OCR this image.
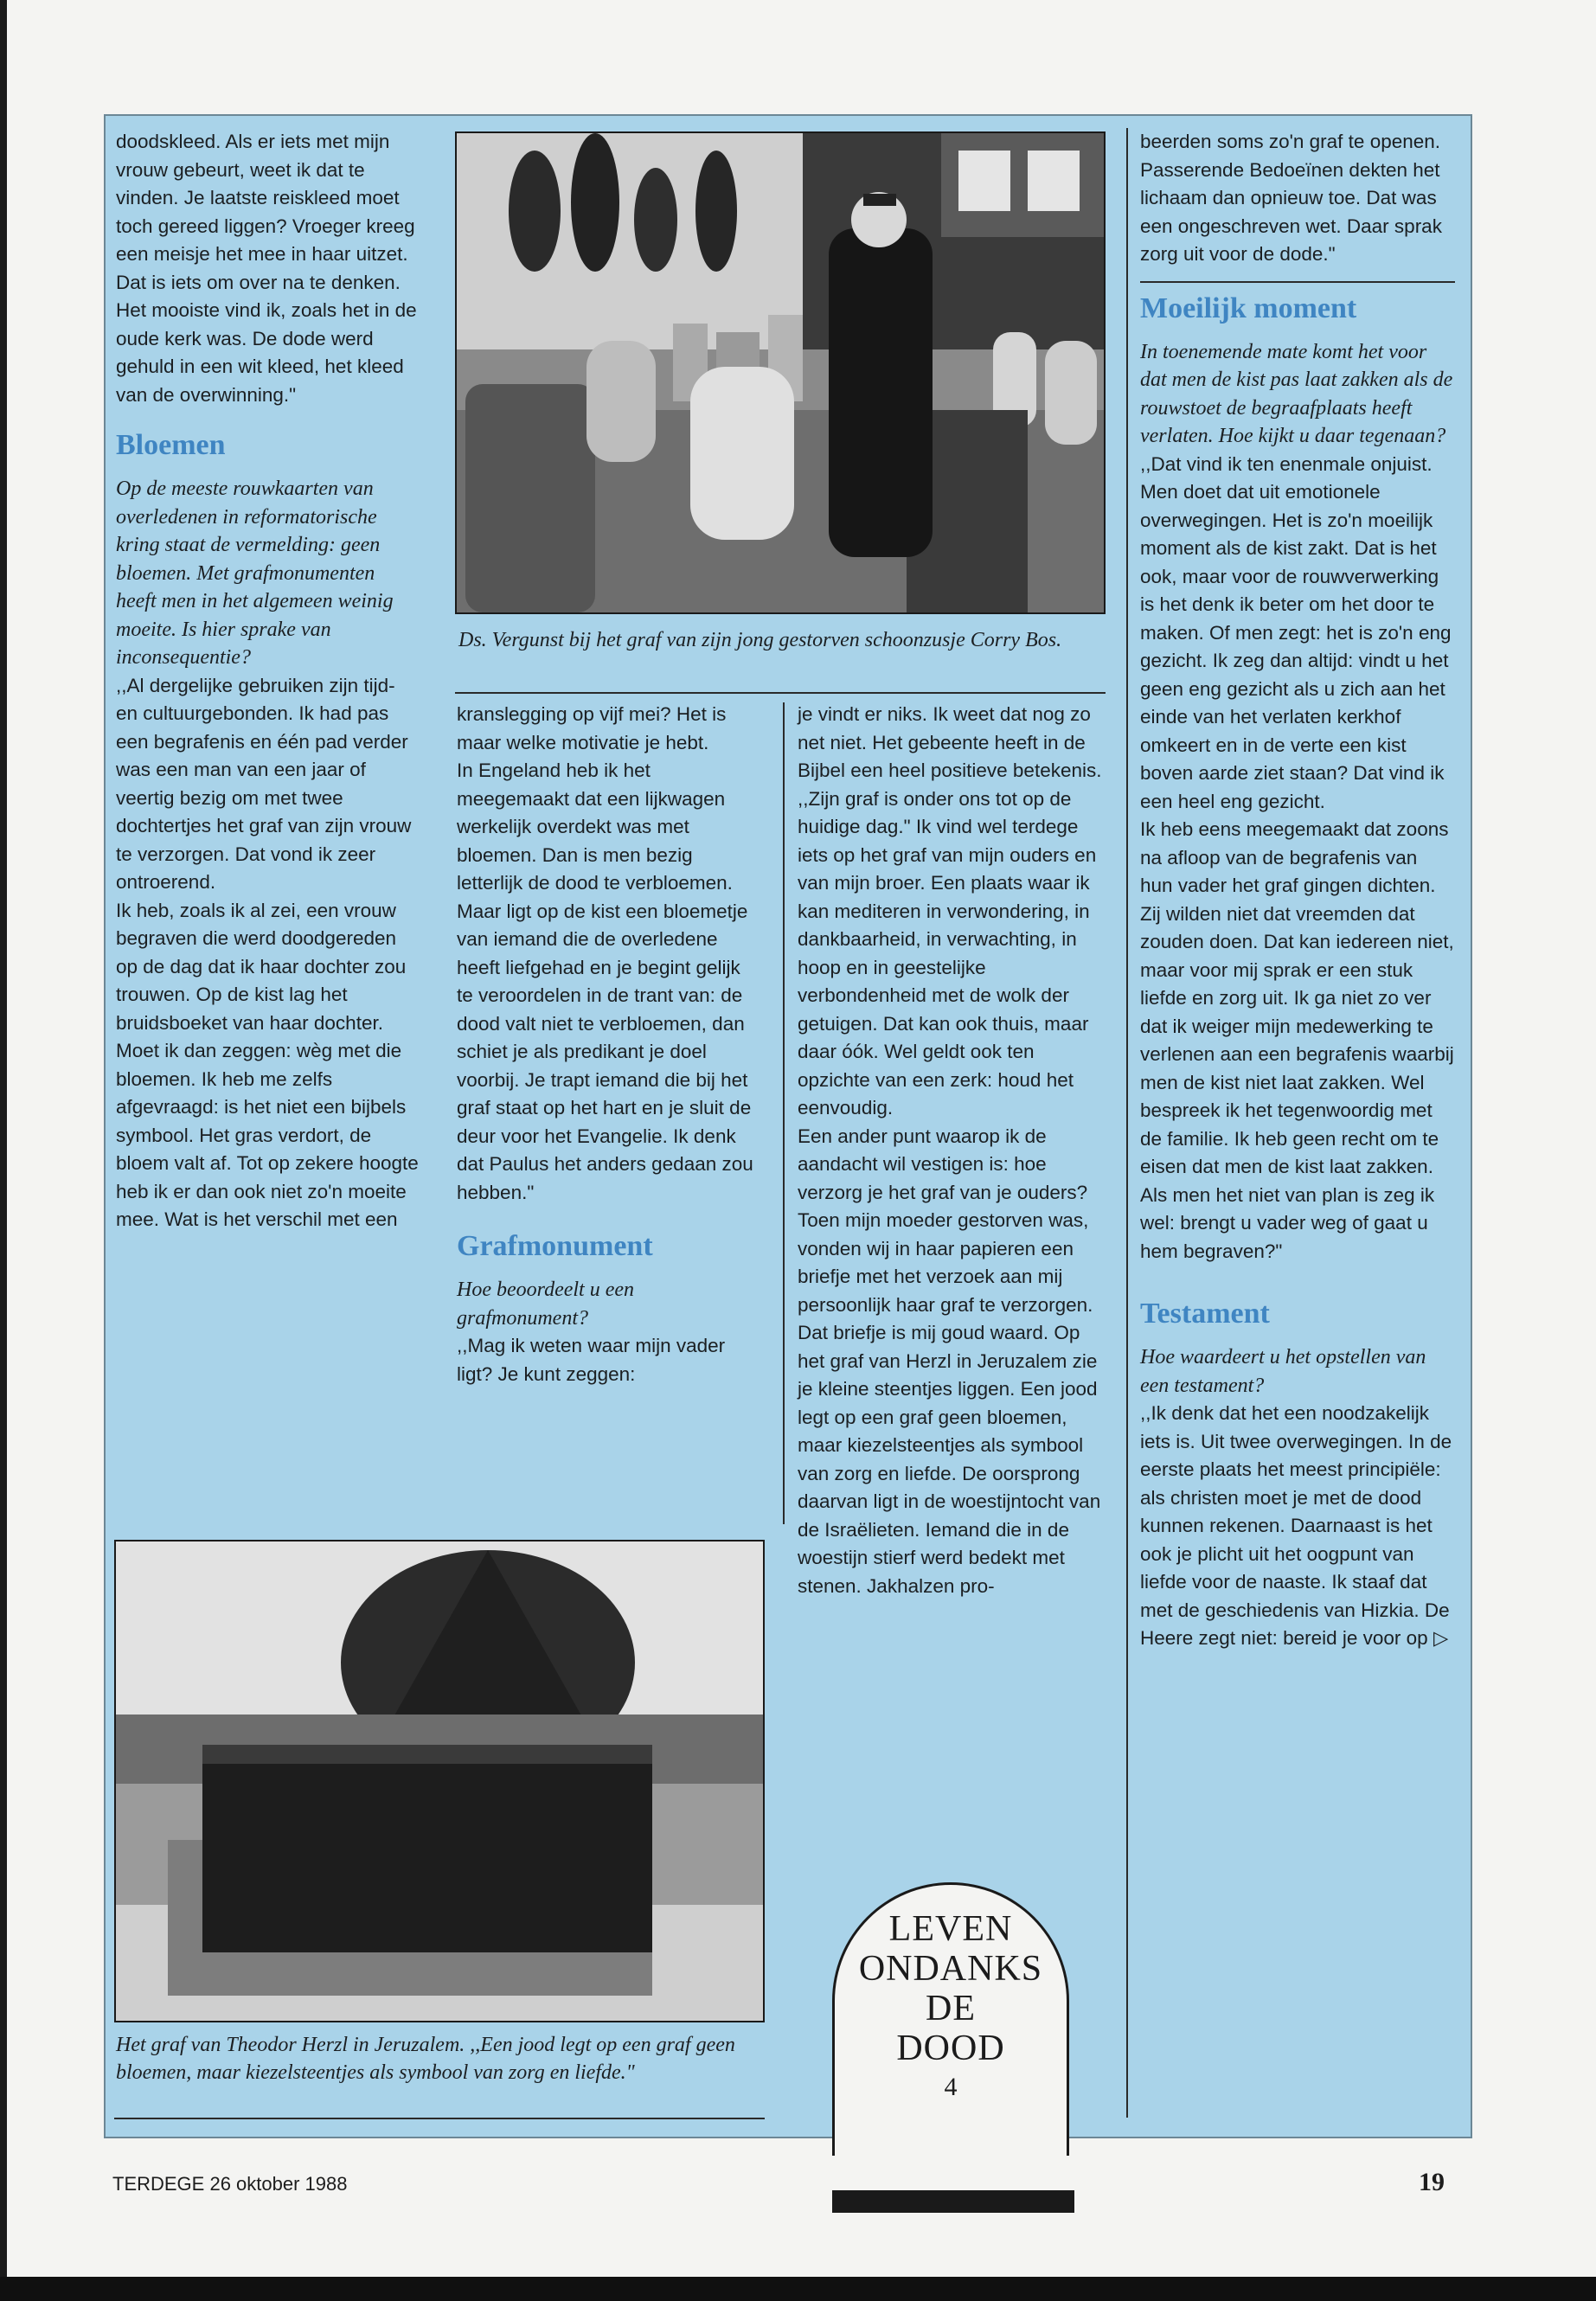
Ds. Vergunst bij het graf van zijn jong gestorven schoonzusje Corry Bos.

doodskleed. Als er iets met mijn vrouw gebeurt, weet ik dat te vinden. Je laatste reiskleed moet toch gereed liggen? Vroeger kreeg een meisje het mee in haar uitzet. Dat is iets om over na te denken. Het mooiste vind ik, zoals het in de oude kerk was. De dode werd gehuld in een wit kleed, het kleed van de overwinning."

Bloemen

Op de meeste rouwkaarten van overledenen in reformatorische kring staat de vermelding: geen bloemen. Met grafmonumenten heeft men in het algemeen weinig moeite. Is hier sprake van inconsequentie?

,,Al dergelijke gebruiken zijn tijd- en cultuurgebonden. Ik had pas een begrafenis en één pad verder was een man van een jaar of veertig bezig om met twee dochtertjes het graf van zijn vrouw te verzorgen. Dat vond ik zeer ontroerend.

Ik heb, zoals ik al zei, een vrouw begraven die werd doodgereden op de dag dat ik haar dochter zou trouwen. Op de kist lag het bruidsboeket van haar dochter. Moet ik dan zeggen: wèg met die bloemen. Ik heb me zelfs afgevraagd: is het niet een bijbels symbool. Het gras verdort, de bloem valt af. Tot op zekere hoogte heb ik er dan ook niet zo'n moeite mee. Wat is het verschil met een

kranslegging op vijf mei? Het is maar welke motivatie je hebt.

In Engeland heb ik het meegemaakt dat een lijkwagen werkelijk overdekt was met bloemen. Dan is men bezig letterlijk de dood te verbloemen. Maar ligt op de kist een bloemetje van iemand die de overledene heeft liefgehad en je begint gelijk te veroordelen in de trant van: de dood valt niet te verbloemen, dan schiet je als predikant je doel voorbij. Je trapt iemand die bij het graf staat op het hart en je sluit de deur voor het Evangelie. Ik denk dat Paulus het anders gedaan zou hebben."

Grafmonument

Hoe beoordeelt u een grafmonument?

,,Mag ik weten waar mijn vader ligt? Je kunt zeggen:

je vindt er niks. Ik weet dat nog zo net niet. Het gebeente heeft in de Bijbel een heel positieve betekenis. ,,Zijn graf is onder ons tot op de huidige dag." Ik vind wel terdege iets op het graf van mijn ouders en van mijn broer. Een plaats waar ik kan mediteren in verwondering, in dankbaarheid, in verwachting, in hoop en in geestelijke verbondenheid met de wolk der getuigen. Dat kan ook thuis, maar daar óók. Wel geldt ook ten opzichte van een zerk: houd het eenvoudig.

Een ander punt waarop ik de aandacht wil vestigen is: hoe verzorg je het graf van je ouders? Toen mijn moeder gestorven was, vonden wij in haar papieren een briefje met het verzoek aan mij persoonlijk haar graf te verzorgen. Dat briefje is mij goud waard. Op het graf van Herzl in Jeruzalem zie je kleine steentjes liggen. Een jood legt op een graf geen bloemen, maar kiezelsteentjes als symbool van zorg en liefde. De oorsprong daarvan ligt in de woestijntocht van de Israëlieten. Iemand die in de woestijn stierf werd bedekt met stenen. Jakhalzen pro-

beerden soms zo'n graf te openen. Passerende Bedoeïnen dekten het lichaam dan opnieuw toe. Dat was een ongeschreven wet. Daar sprak zorg uit voor de dode."

Moeilijk moment

In toenemende mate komt het voor dat men de kist pas laat zakken als de rouwstoet de begraafplaats heeft verlaten. Hoe kijkt u daar tegenaan?

,,Dat vind ik ten enenmale onjuist. Men doet dat uit emotionele overwegingen. Het is zo'n moeilijk moment als de kist zakt. Dat is het ook, maar voor de rouwverwerking is het denk ik beter om het door te maken. Of men zegt: het is zo'n eng gezicht. Ik zeg dan altijd: vindt u het geen eng gezicht als u zich aan het einde van het verlaten kerkhof omkeert en in de verte een kist boven aarde ziet staan? Dat vind ik een heel eng gezicht.

Ik heb eens meegemaakt dat zoons na afloop van de begrafenis van hun vader het graf gingen dichten. Zij wilden niet dat vreemden dat zouden doen. Dat kan iedereen niet, maar voor mij sprak er een stuk liefde en zorg uit. Ik ga niet zo ver dat ik weiger mijn medewerking te verlenen aan een begrafenis waarbij men de kist niet laat zakken. Wel bespreek ik het tegenwoordig met de familie. Ik heb geen recht om te eisen dat men de kist laat zakken. Als men het niet van plan is zeg ik wel: brengt u vader weg of gaat u hem begraven?"

Testament

Hoe waardeert u het opstellen van een testament?

,,Ik denk dat het een noodzakelijk iets is. Uit twee overwegingen. In de eerste plaats het meest principiële: als christen moet je met de dood kunnen rekenen. Daarnaast is het ook je plicht uit het oogpunt van liefde voor de naaste. Ik staaf dat met de geschiedenis van Hizkia. De Heere zegt niet: bereid je voor op ▷

Het graf van Theodor Herzl in Jeruzalem. ,,Een jood legt op een graf geen bloemen, maar kiezelsteentjes als symbool van zorg en liefde."
LEVEN
ONDANKS
DE
DOOD
4
TERDEGE 26 oktober 1988	19
